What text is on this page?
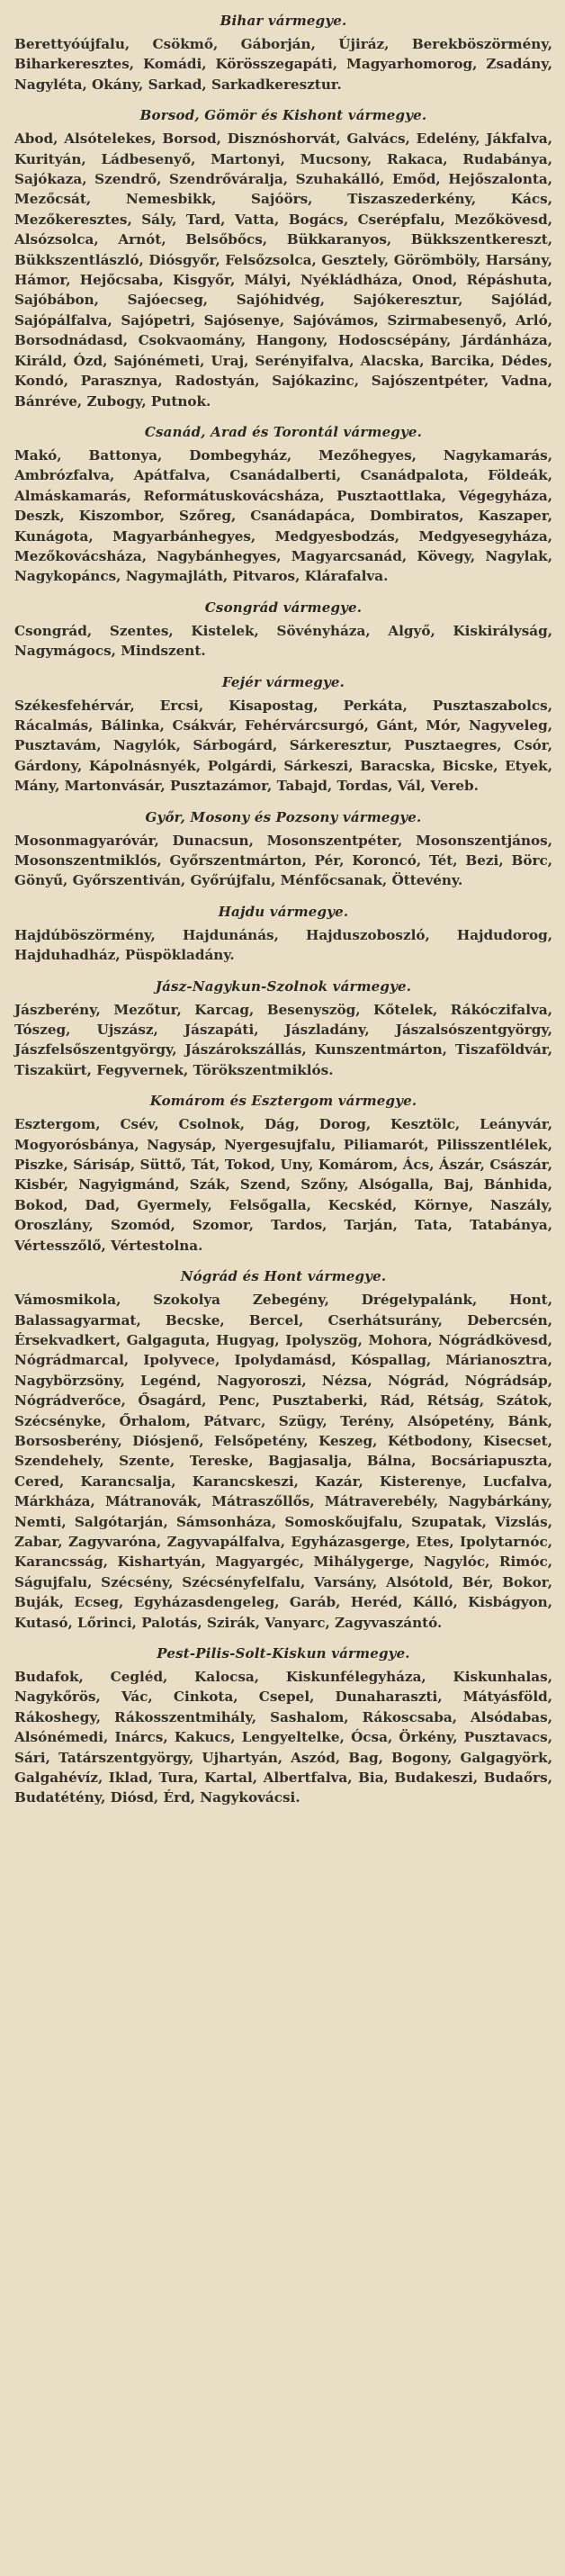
Bihar vármegye.

Berettyóújfalu, Csökmő, Gáborján, Újiráz, Berekböszörmény, Biharkeresztes, Komádi, Körösszegapáti, Magyarhomorog, Zsadány, Nagyléta, Okány, Sarkad, Sarkadkeresztur.

Borsod, Gömör és Kishont vármegye.

Abod, Alsótelekes, Borsod, Disznóshorvát, Galvács, Edelény, Jákfalva, Kurityán, Ládbesenyő, Martonyi, Mucsony, Rakaca, Rudabánya, Sajókaza, Szendrő, Szendrőváralja, Szuhakálló, Emőd, Hejőszalonta, Mezőcsát, Nemesbikk, Sajóörs, Tiszaszederkény, Kács, Mezőkeresztes, Sály, Tard, Vatta, Bogács, Cserépfalu, Mezőkövesd, Alsózsolca, Arnót, Belsőbőcs, Bükkaranyos, Bükkszentkereszt, Bükkszentlászló, Diósgyőr, Felsőzsolca, Gesztely, Görömböly, Harsány, Hámor, Hejőcsaba, Kisgyőr, Mályi, Nyékládháza, Onod, Répáshuta, Sajóbábon, Sajóecseg, Sajóhidvég, Sajókeresztur, Sajólád, Sajópálfalva, Sajópetri, Sajósenye, Sajóvámos, Szirmabesenyő, Arló, Borsodnádasd, Csokvaomány, Hangony, Hodoscsépány, Járdánháza, Királd, Ózd, Sajónémeti, Uraj, Serényifalva, Alacska, Barcika, Dédes, Kondó, Parasznya, Radostyán, Sajókazinc, Sajószentpéter, Vadna, Bánréve, Zubogy, Putnok.

Csanád, Arad és Torontál vármegye.

Makó, Battonya, Dombegyház, Mezőhegyes, Nagykamarás, Ambrózfalva, Apátfalva, Csanádalberti, Csanádpalota, Földeák, Almáskamarás, Reformátuskovácsháza, Pusztaottlaka, Végegyháza, Deszk, Kiszombor, Szőreg, Csanádapáca, Dombiratos, Kaszaper, Kunágota, Magyarbánhegyes, Medgyesbodzás, Medgyesegyháza, Mezőkovácsháza, Nagybánhegyes, Magyarcsanád, Kövegy, Nagylak, Nagykopáncs, Nagymajláth, Pitvaros, Klárafalva.

Csongrád vármegye.

Csongrád, Szentes, Kistelek, Sövényháza, Algyő, Kiskirályság, Nagymágocs, Mindszent.

Fejér vármegye.

Székesfehérvár, Ercsi, Kisapostag, Perkáta, Pusztaszabolcs, Rácalmás, Bálinka, Csákvár, Fehérvárcsurgó, Gánt, Mór, Nagyveleg, Pusztavám, Nagylók, Sárbogárd, Sárkeresztur, Pusztaegres, Csór, Gárdony, Kápolnásnyék, Polgárdi, Sárkeszi, Baracska, Bicske, Etyek, Mány, Martonvásár, Pusztazámor, Tabajd, Tordas, Vál, Vereb.

Győr, Mosony és Pozsony vármegye.

Mosonmagyaróvár, Dunacsun, Mosonszentpéter, Mosonszentjános, Mosonszentmiklós, Győrszentmárton, Pér, Koroncó, Tét, Bezi, Börc, Gönyű, Győrszentiván, Győrújfalu, Ménfőcsanak, Öttevény.

Hajdu vármegye.

Hajdúböszörmény, Hajdunánás, Hajduszoboszló, Hajdudorog, Hajduhadház, Püspökladány.

Jász-Nagykun-Szolnok vármegye.

Jászberény, Mezőtur, Karcag, Besenyszög, Kőtelek, Rákóczifalva, Tószeg, Ujszász, Jászapáti, Jászladány, Jászalsószentgyörgy, Jászfelsőszentgyörgy, Jászárokszállás, Kunszentmárton, Tiszaföldvár, Tiszakürt, Fegyvernek, Törökszentmiklós.

Komárom és Esztergom vármegye.

Esztergom, Csév, Csolnok, Dág, Dorog, Kesztölc, Leányvár, Mogyorósbánya, Nagysáp, Nyergesujfalu, Piliamarót, Pilisszentlélek, Piszke, Sárisáp, Süttő, Tát, Tokod, Uny, Komárom, Ács, Ászár, Császár, Kisbér, Nagyigmánd, Szák, Szend, Szőny, Alsógalla, Baj, Bánhida, Bokod, Dad, Gyermely, Felsőgalla, Kecskéd, Környe, Naszály, Oroszlány, Szomód, Szomor, Tardos, Tarján, Tata, Tatabánya, Vértesszőlő, Vértestolna.

Nógrád és Hont vármegye.

Vámosmikola, Szokolya Zebegény, Drégelypalánk, Hont, Balassagyarmat, Becske, Bercel, Cserhátsurány, Debercsén, Érsekvadkert, Galgaguta, Hugyag, Ipolyszög, Mohora, Nógrádkövesd, Nógrádmarcal, Ipolyvece, Ipolydamásd, Kóspallag, Márianosztra, Nagybörzsöny, Legénd, Nagyoroszi, Nézsa, Nógrád, Nógrádsáp, Nógrádverőce, Ősagárd, Penc, Pusztaberki, Rád, Rétság, Szátok, Szécsényke, Őrhalom, Pátvarc, Szügy, Terény, Alsópetény, Bánk, Borsosberény, Diósjenő, Felsőpetény, Keszeg, Kétbodony, Kisecset, Szendehely, Szente, Tereske, Bagjasalja, Bálna, Bocsáriapuszta, Cered, Karancsalja, Karancskeszi, Kazár, Kisterenye, Lucfalva, Márkháza, Mátranovák, Mátraszőllős, Mátraverebély, Nagybárkány, Nemti, Salgótarján, Sámsonháza, Somoskőujfalu, Szupatak, Vizslás, Zabar, Zagyvaróna, Zagyvapálfalva, Egyházasgerge, Etes, Ipolytarnóc, Karancsság, Kishartyán, Magyargéc, Mihálygerge, Nagylóc, Rimóc, Ságujfalu, Szécsény, Szécsényfelfalu, Varsány, Alsótold, Bér, Bokor, Buják, Ecseg, Egyházasdengeleg, Garáb, Heréd, Kálló, Kisbágyon, Kutasó, Lőrinci, Palotás, Szirák, Vanyarc, Zagyvaszántó.

Pest-Pilis-Solt-Kiskun vármegye.

Budafok, Cegléd, Kalocsa, Kiskunfélegyháza, Kiskunhalas, Nagykőrös, Vác, Cinkota, Csepel, Dunaharaszti, Mátyásföld, Rákoshegy, Rákosszentmihály, Sashalom, Rákoscsaba, Alsódabas, Alsónémedi, Inárcs, Kakucs, Lengyeltelke, Ócsa, Örkény, Pusztavacs, Sári, Tatárszentgyörgy, Ujhartyán, Aszód, Bag, Bogony, Galgagyörk, Galgahévíz, Iklad, Tura, Kartal, Albertfalva, Bia, Budakeszi, Budaőrs, Budatétény, Diósd, Érd, Nagykovácsi.
